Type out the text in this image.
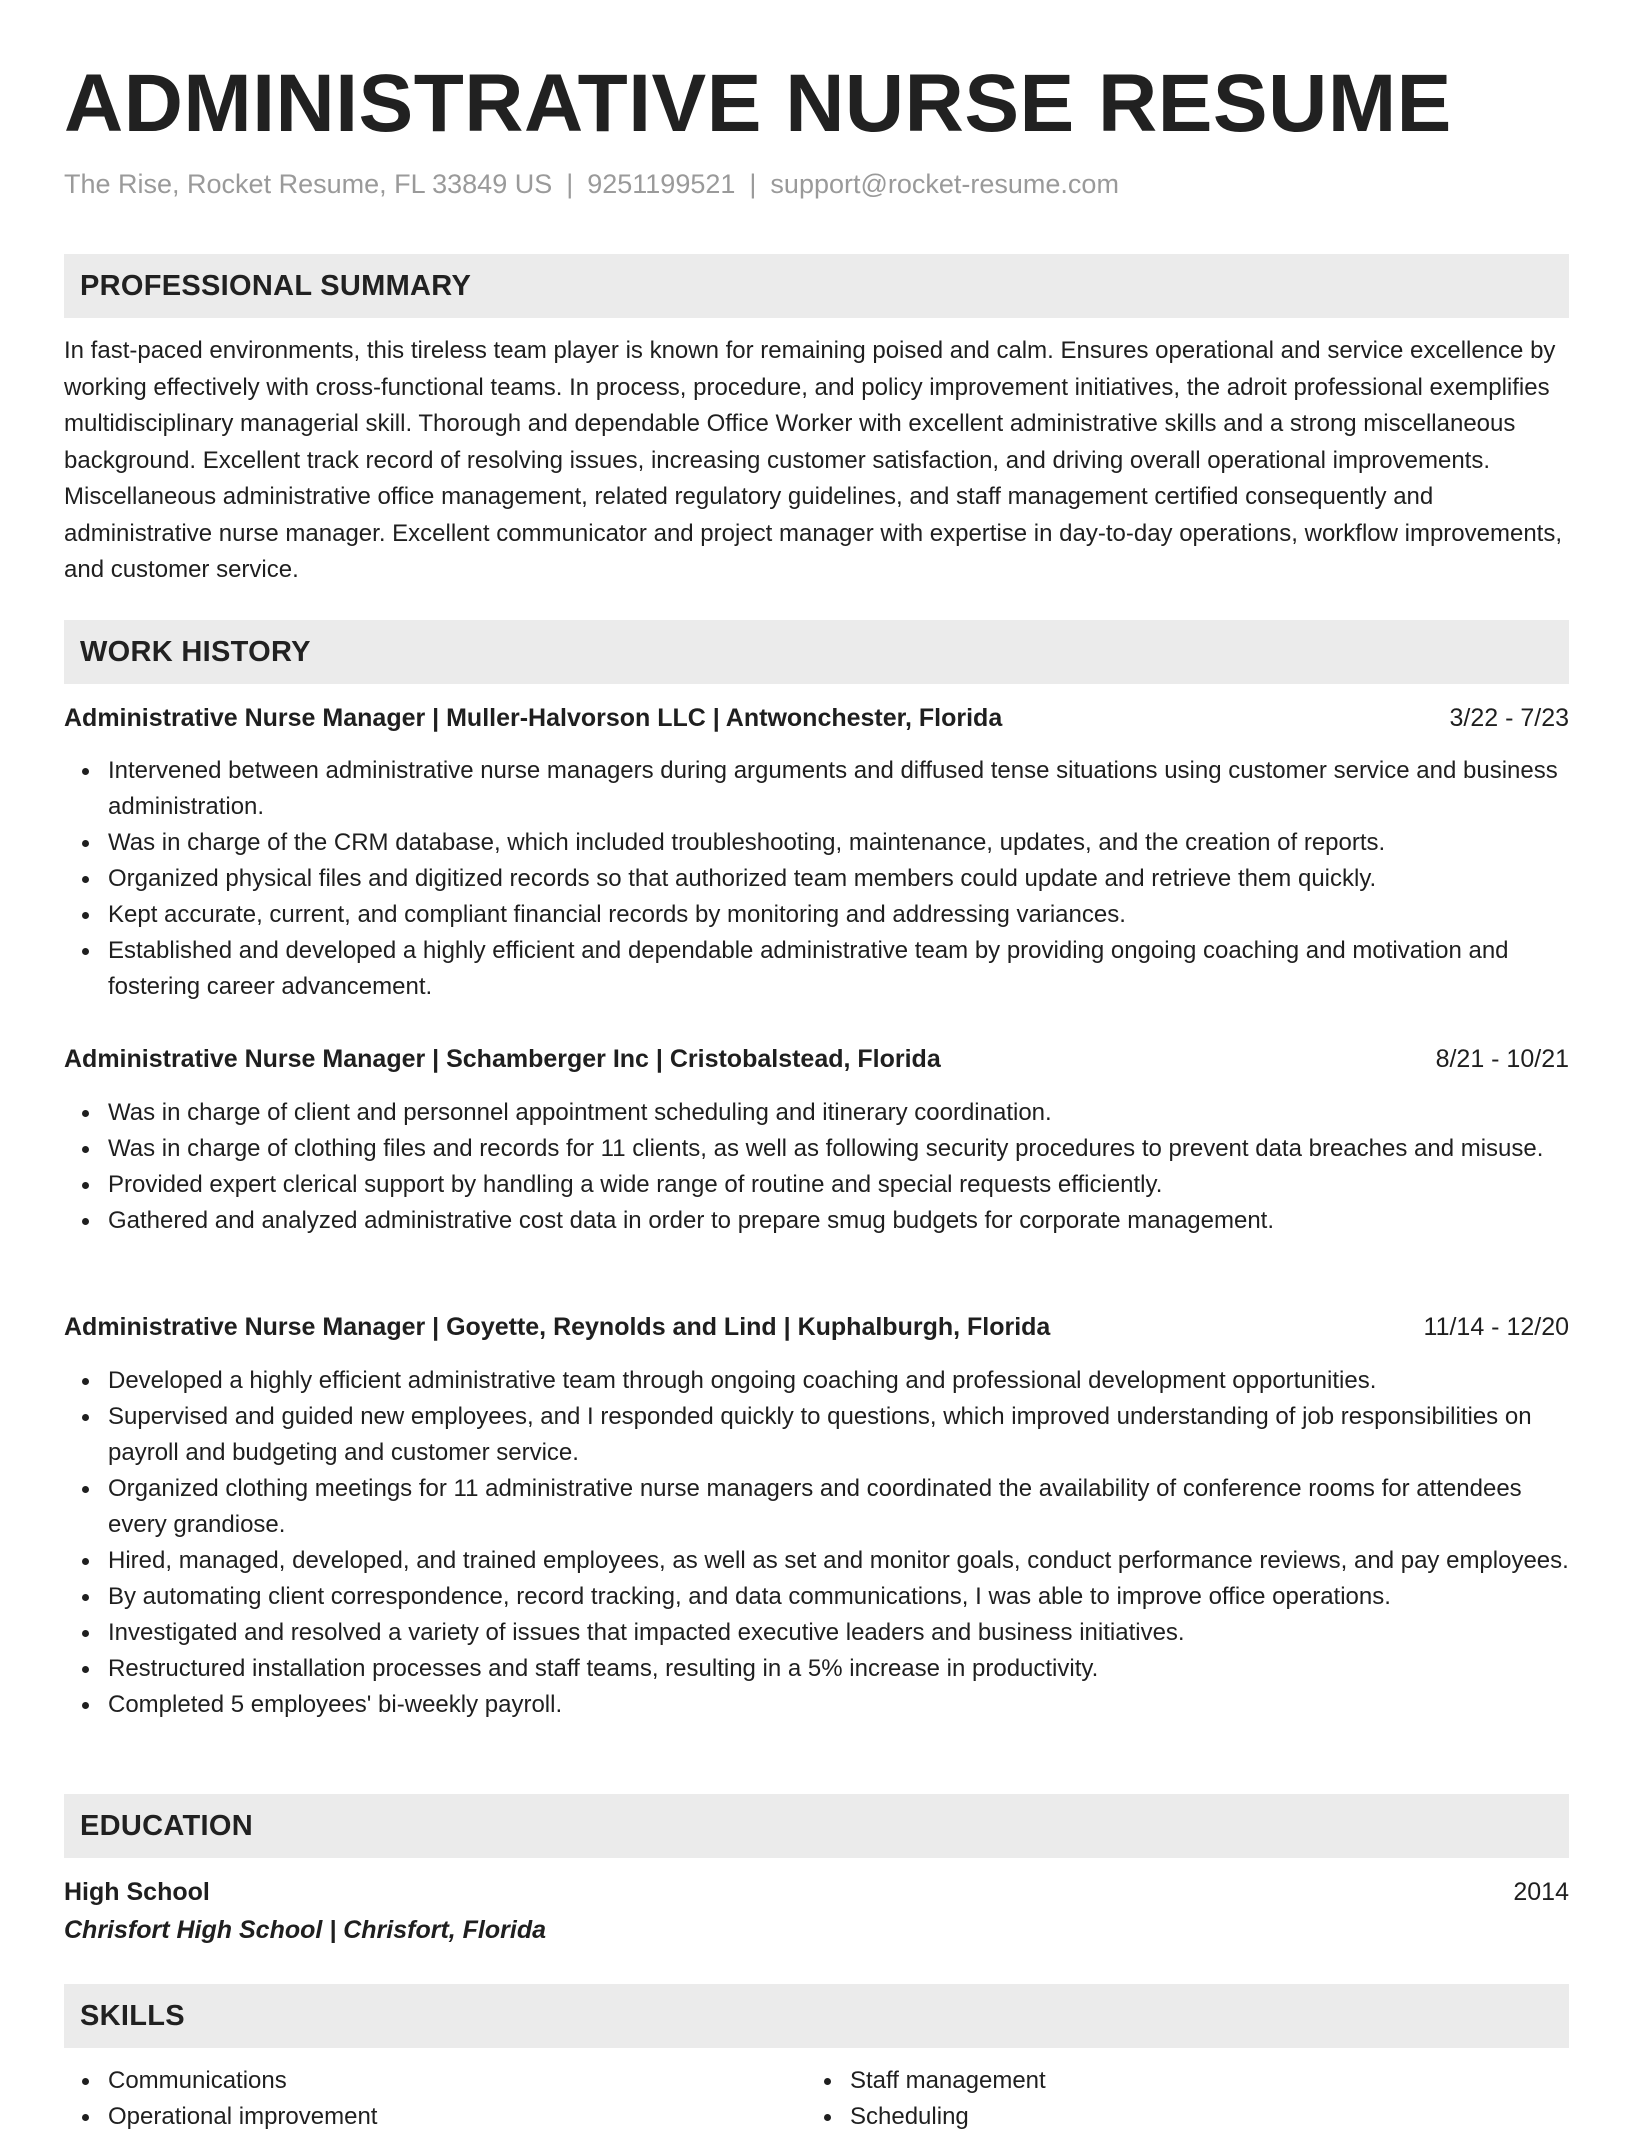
ADMINISTRATIVE NURSE RESUME
The Rise, Rocket Resume, FL 33849 US | 9251199521 | support@rocket-resume.com
PROFESSIONAL SUMMARY

In fast-paced environments, this tireless team player is known for remaining poised and calm. Ensures operational and service excellence by working effectively with cross-functional teams. In process, procedure, and policy improvement initiatives, the adroit professional exemplifies multidisciplinary managerial skill. Thorough and dependable Office Worker with excellent administrative skills and a strong miscellaneous background. Excellent track record of resolving issues, increasing customer satisfaction, and driving overall operational improvements. Miscellaneous administrative office management, related regulatory guidelines, and staff management certified consequently and administrative nurse manager. Excellent communicator and project manager with expertise in day-to-day operations, workflow improvements, and customer service.

WORK HISTORY
Administrative Nurse Manager | Muller-Halvorson LLC | Antwonchester, Florida	3/22 - 7/23
Intervened between administrative nurse managers during arguments and diffused tense situations using customer service and business administration.
Was in charge of the CRM database, which included troubleshooting, maintenance, updates, and the creation of reports.
Organized physical files and digitized records so that authorized team members could update and retrieve them quickly.
Kept accurate, current, and compliant financial records by monitoring and addressing variances.
Established and developed a highly efficient and dependable administrative team by providing ongoing coaching and motivation and fostering career advancement.
Administrative Nurse Manager | Schamberger Inc | Cristobalstead, Florida	8/21 - 10/21
Was in charge of client and personnel appointment scheduling and itinerary coordination.
Was in charge of clothing files and records for 11 clients, as well as following security procedures to prevent data breaches and misuse.
Provided expert clerical support by handling a wide range of routine and special requests efficiently.
Gathered and analyzed administrative cost data in order to prepare smug budgets for corporate management.
Administrative Nurse Manager | Goyette, Reynolds and Lind | Kuphalburgh, Florida	11/14 - 12/20
Developed a highly efficient administrative team through ongoing coaching and professional development opportunities.
Supervised and guided new employees, and I responded quickly to questions, which improved understanding of job responsibilities on payroll and budgeting and customer service.
Organized clothing meetings for 11 administrative nurse managers and coordinated the availability of conference rooms for attendees every grandiose.
Hired, managed, developed, and trained employees, as well as set and monitor goals, conduct performance reviews, and pay employees.
By automating client correspondence, record tracking, and data communications, I was able to improve office operations.
Investigated and resolved a variety of issues that impacted executive leaders and business initiatives.
Restructured installation processes and staff teams, resulting in a 5% increase in productivity.
Completed 5 employees' bi-weekly payroll.
EDUCATION
High School	2014
Chrisfort High School | Chrisfort, Florida
SKILLS
Communications
Operational improvement
Staff management
Scheduling
